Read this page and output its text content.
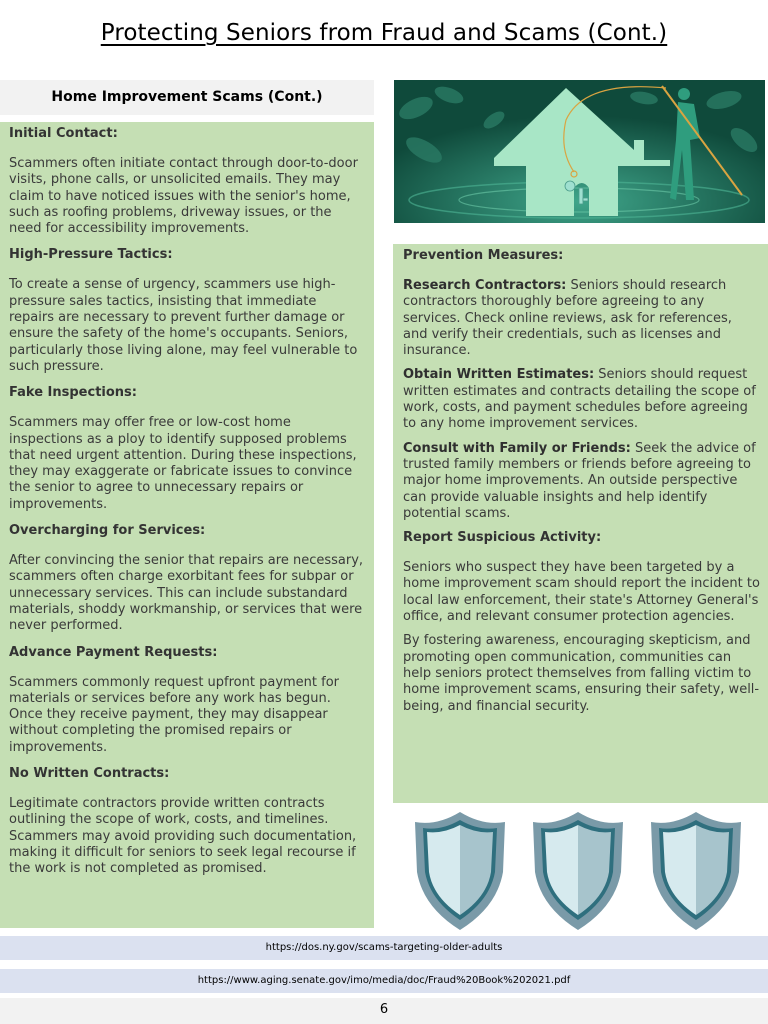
Protecting Seniors from Fraud and Scams (Cont.)
Home Improvement Scams (Cont.)
Initial Contact:
Scammers often initiate contact through door-to-door visits, phone calls, or unsolicited emails. They may claim to have noticed issues with the senior's home, such as roofing problems, driveway issues, or the need for accessibility improvements.
High-Pressure Tactics:
To create a sense of urgency, scammers use high-pressure sales tactics, insisting that immediate repairs are necessary to prevent further damage or ensure the safety of the home's occupants. Seniors, particularly those living alone, may feel vulnerable to such pressure.
Fake Inspections:
Scammers may offer free or low-cost home inspections as a ploy to identify supposed problems that need urgent attention. During these inspections, they may exaggerate or fabricate issues to convince the senior to agree to unnecessary repairs or improvements.
Overcharging for Services:
After convincing the senior that repairs are necessary, scammers often charge exorbitant fees for subpar or unnecessary services. This can include substandard materials, shoddy workmanship, or services that were never performed.
Advance Payment Requests:
Scammers commonly request upfront payment for materials or services before any work has begun. Once they receive payment, they may disappear without completing the promised repairs or improvements.
No Written Contracts:
Legitimate contractors provide written contracts outlining the scope of work, costs, and timelines. Scammers may avoid providing such documentation, making it difficult for seniors to seek legal recourse if the work is not completed as promised.
Prevention Measures:
Research Contractors: Seniors should research contractors thoroughly before agreeing to any services. Check online reviews, ask for references, and verify their credentials, such as licenses and insurance.
Obtain Written Estimates: Seniors should request written estimates and contracts detailing the scope of work, costs, and payment schedules before agreeing to any home improvement services.
Consult with Family or Friends: Seek the advice of trusted family members or friends before agreeing to major home improvements. An outside perspective can provide valuable insights and help identify potential scams.
Report Suspicious Activity:
Seniors who suspect they have been targeted by a home improvement scam should report the incident to local law enforcement, their state's Attorney General's office, and relevant consumer protection agencies.
By fostering awareness, encouraging skepticism, and promoting open communication, communities can help seniors protect themselves from falling victim to home improvement scams, ensuring their safety, well-being, and financial security.
https://dos.ny.gov/scams-targeting-older-adults
https://www.aging.senate.gov/imo/media/doc/Fraud%20Book%202021.pdf
6
